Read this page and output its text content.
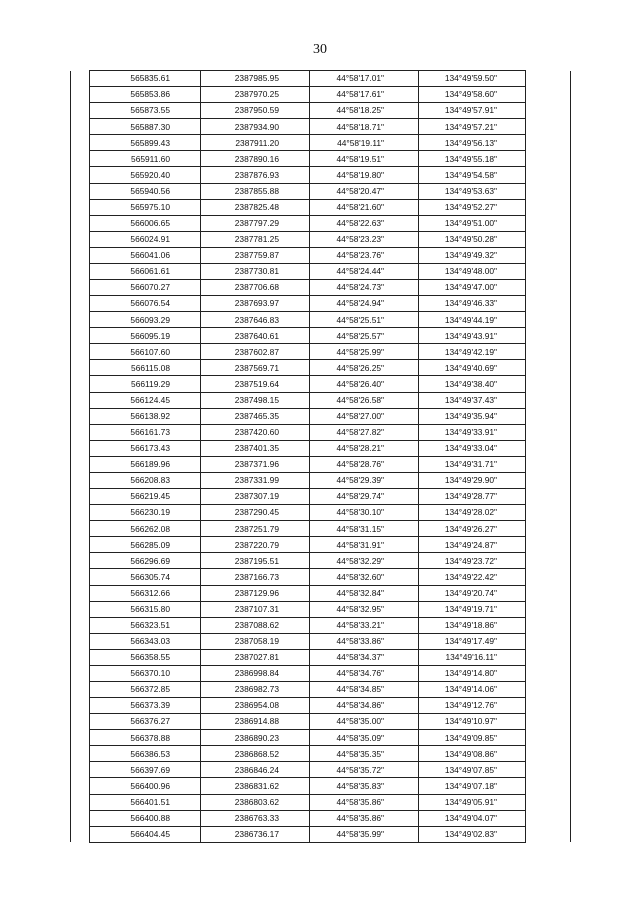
30
	565835.61	2387985.95	44°58'17.01"	134°49'59.50"	
	565853.86	2387970.25	44°58'17.61"	134°49'58.60"	
	565873.55	2387950.59	44°58'18.25"	134°49'57.91"	
	565887.30	2387934.90	44°58'18.71"	134°49'57.21"	
	565899.43	2387911.20	44°58'19.11"	134°49'56.13"	
	565911.60	2387890.16	44°58'19.51"	134°49'55.18"	
	565920.40	2387876.93	44°58'19.80"	134°49'54.58"	
	565940.56	2387855.88	44°58'20.47"	134°49'53.63"	
	565975.10	2387825.48	44°58'21.60"	134°49'52.27"	
	566006.65	2387797.29	44°58'22.63"	134°49'51.00"	
	566024.91	2387781.25	44°58'23.23"	134°49'50.28"	
	566041.06	2387759.87	44°58'23.76"	134°49'49.32"	
	566061.61	2387730.81	44°58'24.44"	134°49'48.00"	
	566070.27	2387706.68	44°58'24.73"	134°49'47.00"	
	566076.54	2387693.97	44°58'24.94"	134°49'46.33"	
	566093.29	2387646.83	44°58'25.51"	134°49'44.19"	
	566095.19	2387640.61	44°58'25.57"	134°49'43.91"	
	566107.60	2387602.87	44°58'25.99"	134°49'42.19"	
	566115.08	2387569.71	44°58'26.25"	134°49'40.69"	
	566119.29	2387519.64	44°58'26.40"	134°49'38.40"	
	566124.45	2387498.15	44°58'26.58"	134°49'37.43"	
	566138.92	2387465.35	44°58'27.00"	134°49'35.94"	
	566161.73	2387420.60	44°58'27.82"	134°49'33.91"	
	566173.43	2387401.35	44°58'28.21"	134°49'33.04"	
	566189.96	2387371.96	44°58'28.76"	134°49'31.71"	
	566208.83	2387331.99	44°58'29.39"	134°49'29.90"	
	566219.45	2387307.19	44°58'29.74"	134°49'28.77"	
	566230.19	2387290.45	44°58'30.10"	134°49'28.02"	
	566262.08	2387251.79	44°58'31.15"	134°49'26.27"	
	566285.09	2387220.79	44°58'31.91"	134°49'24.87"	
	566296.69	2387195.51	44°58'32.29"	134°49'23.72"	
	566305.74	2387166.73	44°58'32.60"	134°49'22.42"	
	566312.66	2387129.96	44°58'32.84"	134°49'20.74"	
	566315.80	2387107.31	44°58'32.95"	134°49'19.71"	
	566323.51	2387088.62	44°58'33.21"	134°49'18.86"	
	566343.03	2387058.19	44°58'33.86"	134°49'17.49"	
	566358.55	2387027.81	44°58'34.37"	134°49'16.11"	
	566370.10	2386998.84	44°58'34.76"	134°49'14.80"	
	566372.85	2386982.73	44°58'34.85"	134°49'14.06"	
	566373.39	2386954.08	44°58'34.86"	134°49'12.76"	
	566376.27	2386914.88	44°58'35.00"	134°49'10.97"	
	566378.88	2386890.23	44°58'35.09"	134°49'09.85"	
	566386.53	2386868.52	44°58'35.35"	134°49'08.86"	
	566397.69	2386846.24	44°58'35.72"	134°49'07.85"	
	566400.96	2386831.62	44°58'35.83"	134°49'07.18"	
	566401.51	2386803.62	44°58'35.86"	134°49'05.91"	
	566400.88	2386763.33	44°58'35.86"	134°49'04.07"	
	566404.45	2386736.17	44°58'35.99"	134°49'02.83"	
